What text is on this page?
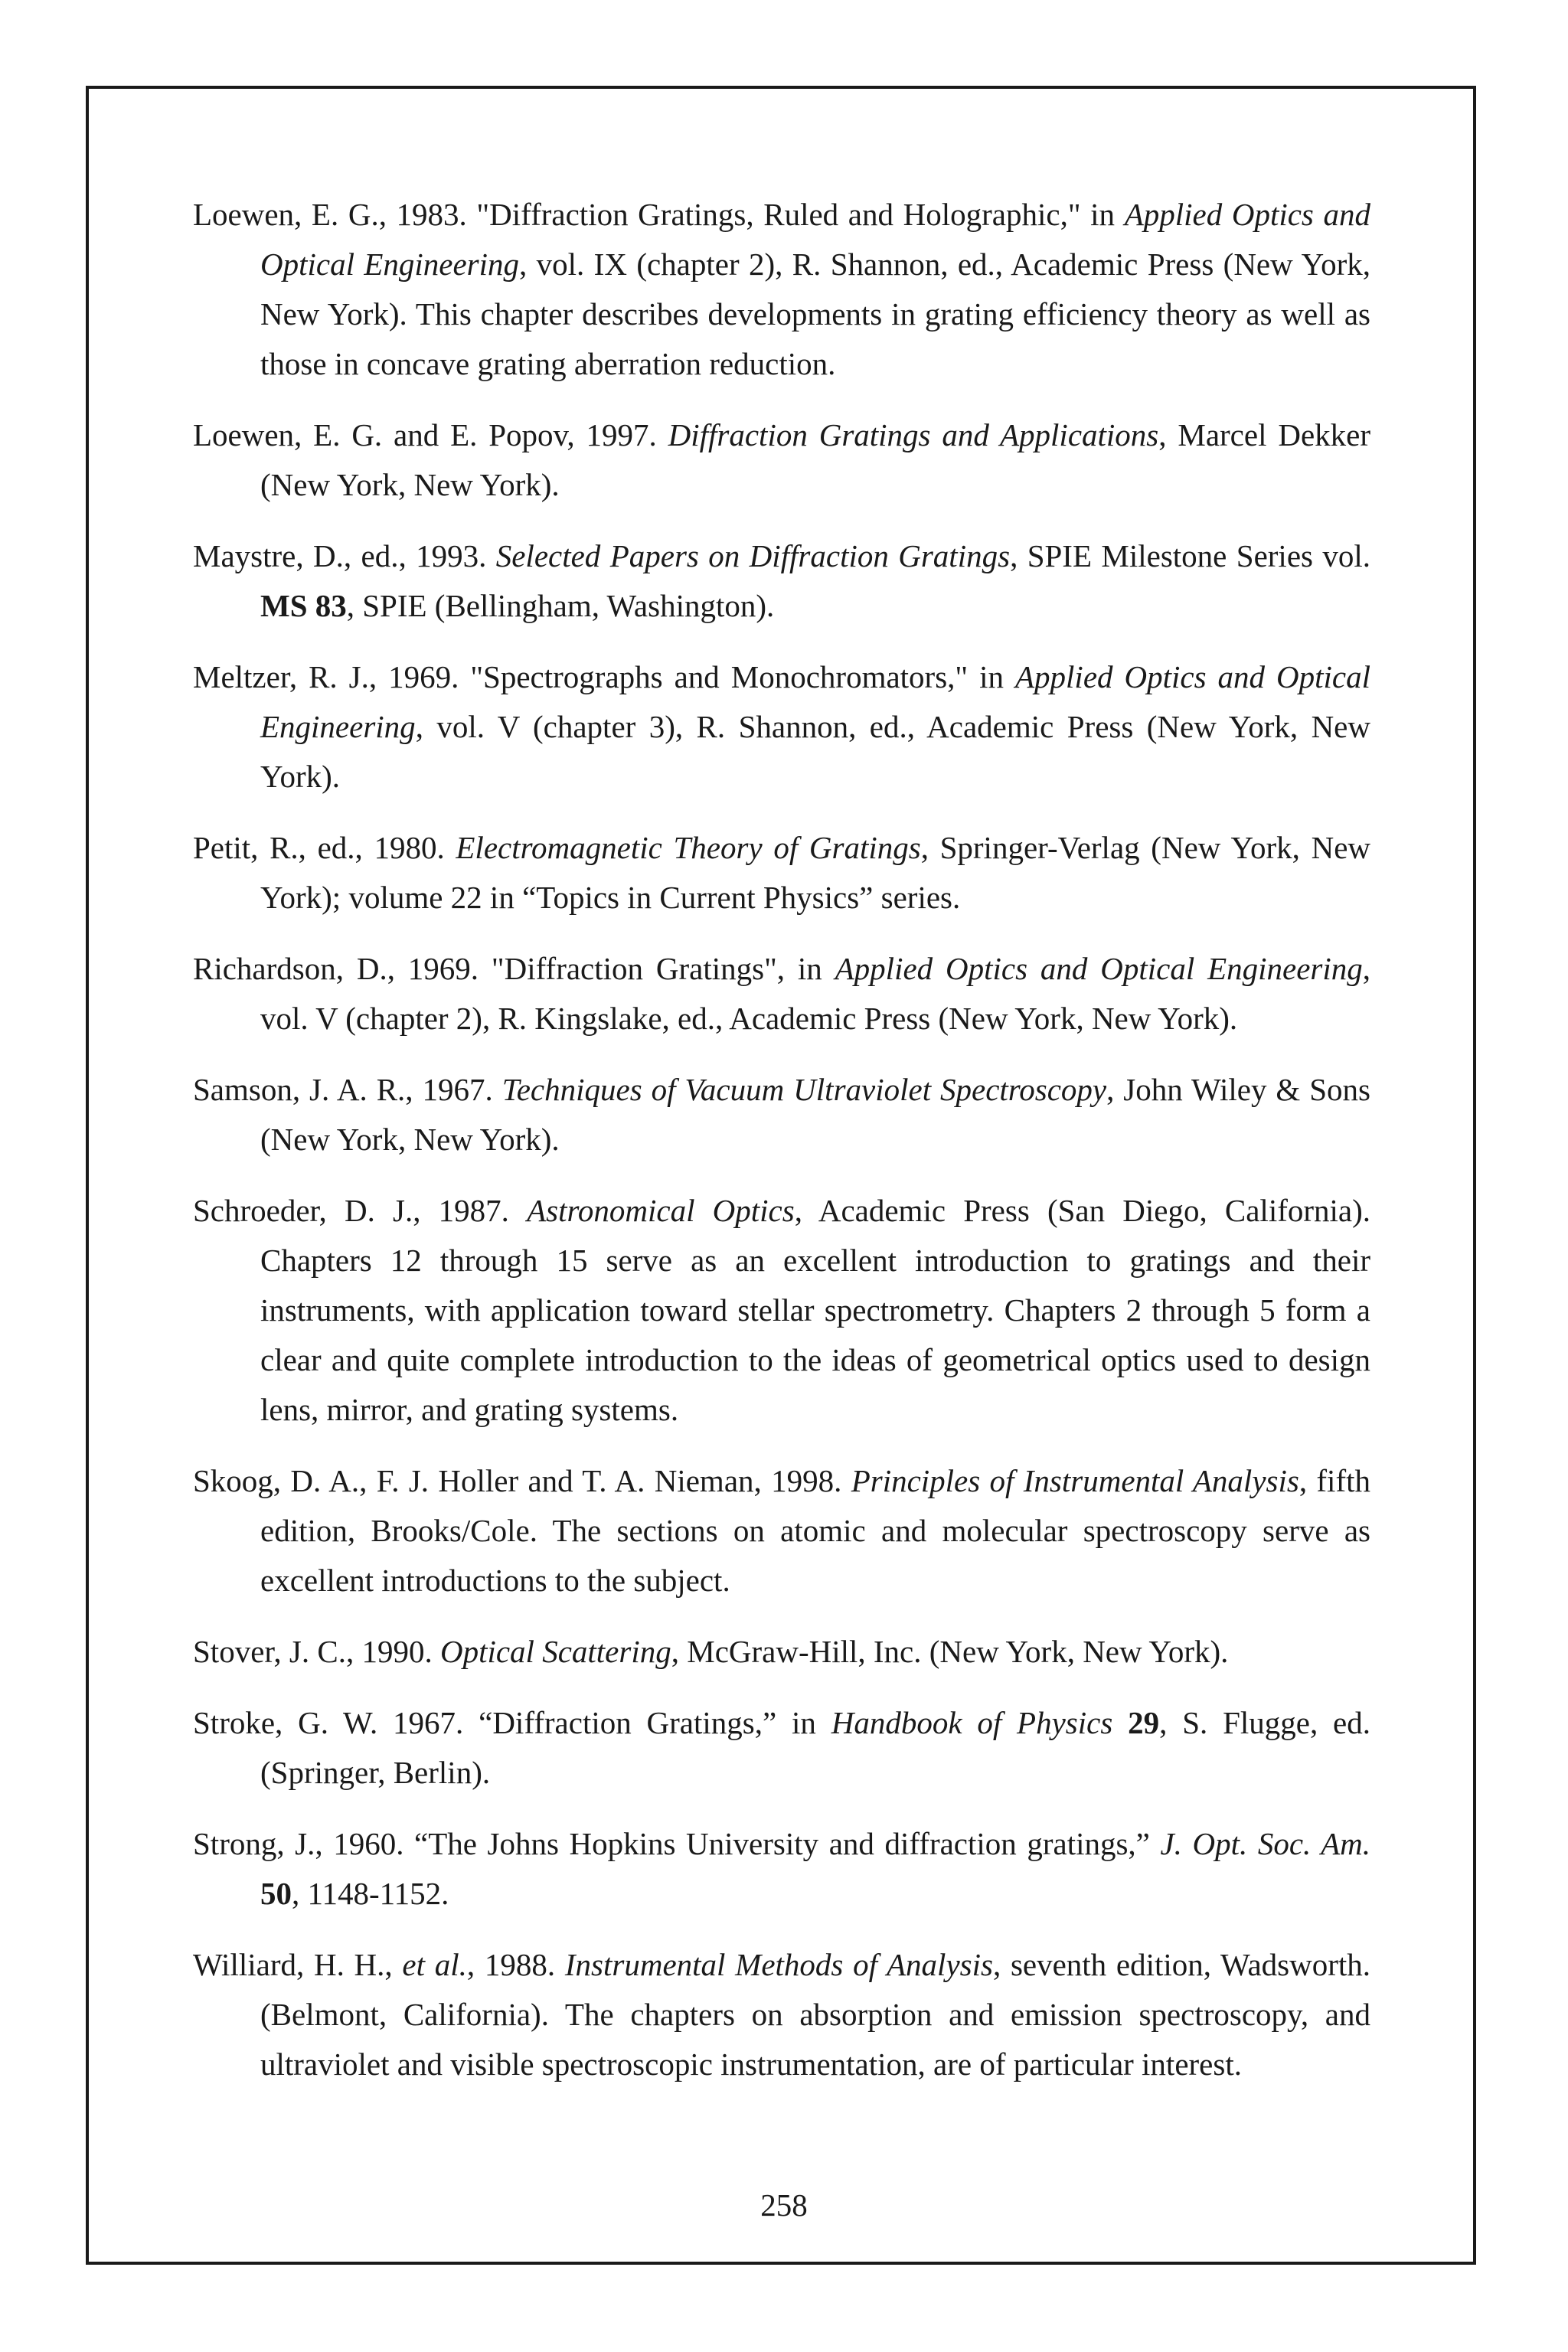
Loewen, E. G., 1983. "Diffraction Gratings, Ruled and Holographic," in Applied Optics and Optical Engineering, vol. IX (chapter 2), R. Shannon, ed., Academic Press (New York, New York). This chapter describes developments in grating efficiency theory as well as those in concave grating aberration reduction.

Loewen, E. G. and E. Popov, 1997. Diffraction Gratings and Applications, Marcel Dekker (New York, New York).

Maystre, D., ed., 1993. Selected Papers on Diffraction Gratings, SPIE Milestone Series vol. MS 83, SPIE (Bellingham, Washington).

Meltzer, R. J., 1969. "Spectrographs and Monochromators," in Applied Optics and Optical Engineering, vol. V (chapter 3), R. Shannon, ed., Academic Press (New York, New York).

Petit, R., ed., 1980. Electromagnetic Theory of Gratings, Springer-Verlag (New York, New York); volume 22 in “Topics in Current Physics” series.

Richardson, D., 1969. "Diffraction Gratings", in Applied Optics and Optical Engineering, vol. V (chapter 2), R. Kingslake, ed., Academic Press (New York, New York).

Samson, J. A. R., 1967. Techniques of Vacuum Ultraviolet Spectroscopy, John Wiley & Sons (New York, New York).

Schroeder, D. J., 1987. Astronomical Optics, Academic Press (San Diego, California). Chapters 12 through 15 serve as an excellent introduction to gratings and their instruments, with application toward stellar spectrometry. Chapters 2 through 5 form a clear and quite complete introduction to the ideas of geometrical optics used to design lens, mirror, and grating systems.

Skoog, D. A., F. J. Holler and T. A. Nieman, 1998. Principles of Instrumental Analysis, fifth edition, Brooks/Cole. The sections on atomic and molecular spectroscopy serve as excellent introductions to the subject.

Stover, J. C., 1990. Optical Scattering, McGraw-Hill, Inc. (New York, New York).

Stroke, G. W. 1967. “Diffraction Gratings,” in Handbook of Physics 29, S. Flugge, ed. (Springer, Berlin).

Strong, J., 1960. “The Johns Hopkins University and diffraction gratings,” J. Opt. Soc. Am. 50, 1148-1152.

Williard, H. H., et al., 1988. Instrumental Methods of Analysis, seventh edition, Wadsworth. (Belmont, California). The chapters on absorption and emission spectroscopy, and ultraviolet and visible spectroscopic instrumentation, are of particular interest.

258
